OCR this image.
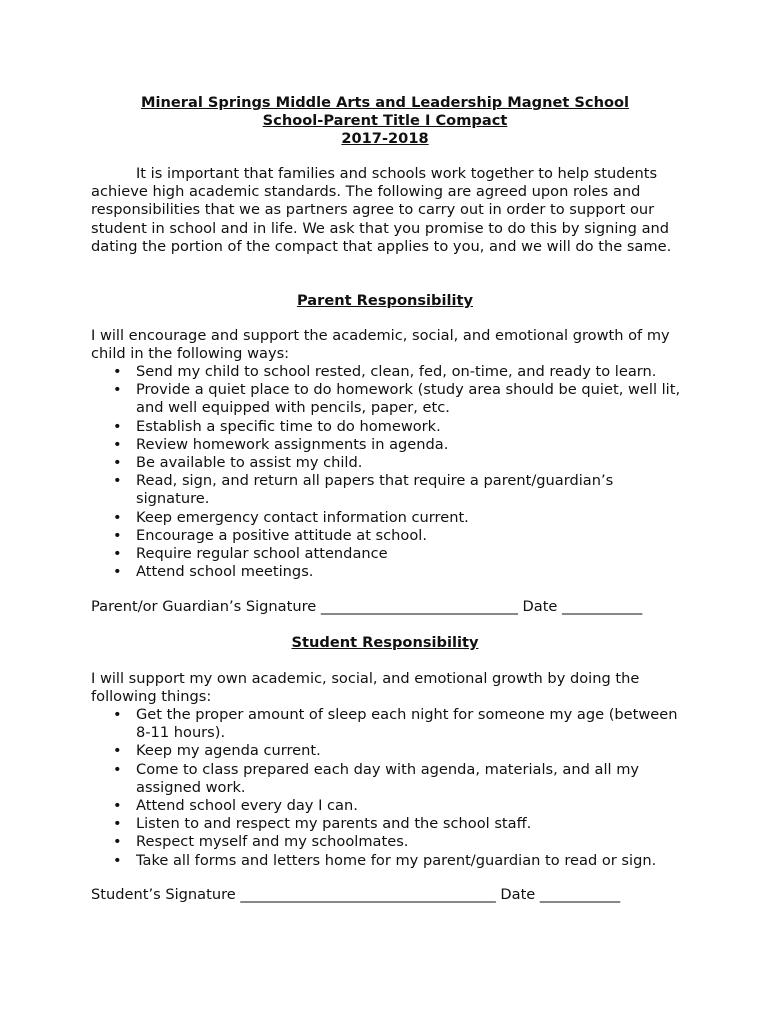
Mineral Springs Middle Arts and Leadership Magnet School
School-Parent Title I Compact
2017-2018

It is important that families and schools work together to help students achieve high academic standards. The following are agreed upon roles and responsibilities that we as partners agree to carry out in order to support our student in school and in life. We ask that you promise to do this by signing and dating the portion of the compact that applies to you, and we will do the same.

Parent Responsibility

I will encourage and support the academic, social, and emotional growth of my child in the following ways:

• Send my child to school rested, clean, fed, on-time, and ready to learn.
• Provide a quiet place to do homework (study area should be quiet, well lit, and well equipped with pencils, paper, etc.
• Establish a specific time to do homework.
• Review homework assignments in agenda.
• Be available to assist my child.
• Read, sign, and return all papers that require a parent/guardian’s signature.
• Keep emergency contact information current.
• Encourage a positive attitude at school.
• Require regular school attendance
• Attend school meetings.

Parent/or Guardian’s Signature ___________________________ Date ___________

Student Responsibility

I will support my own academic, social, and emotional growth by doing the following things:

• Get the proper amount of sleep each night for someone my age (between 8-11 hours).
• Keep my agenda current.
• Come to class prepared each day with agenda, materials, and all my assigned work.
• Attend school every day I can.
• Listen to and respect my parents and the school staff.
• Respect myself and my schoolmates.
• Take all forms and letters home for my parent/guardian to read or sign.

Student’s Signature ___________________________________ Date ___________
